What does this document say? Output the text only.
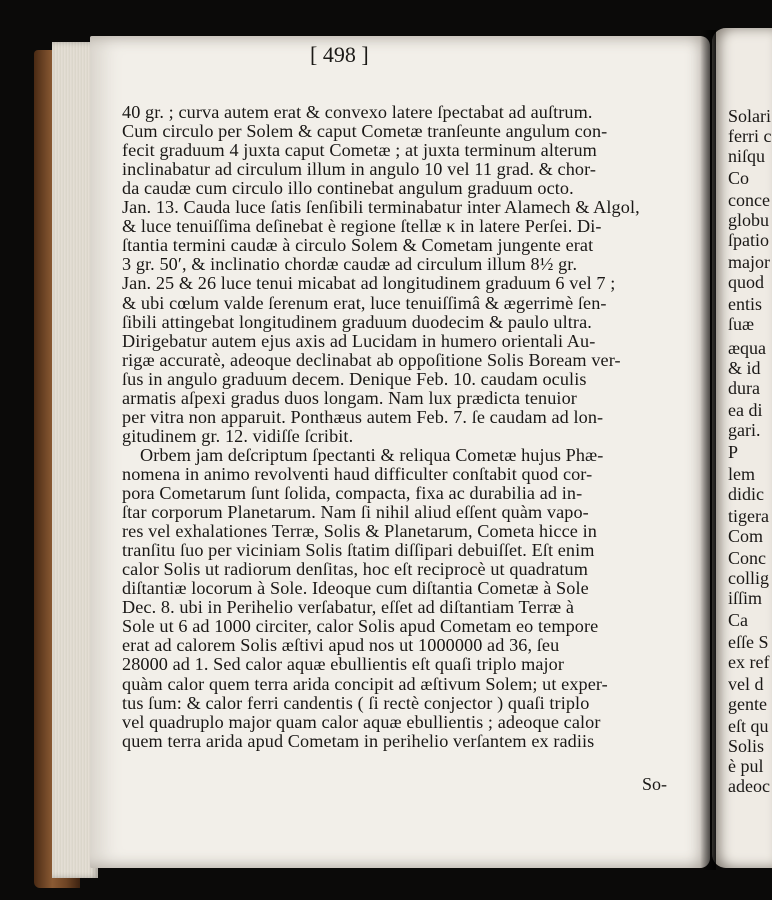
Solari
ferri c
niſqu
Co
conce
globu
ſpatio
major
quod
entis
ſuæ
æqua
& id
dura
ea di
gari.
P
lem
didic
tigera
Com
Conc
collig
iſſim
Ca
eſſe S
ex ref
vel d
gente
eſt qu
Solis
è pul
adeoc
[ 498 ]
40 gr. ; curva autem erat & convexo latere ſpectabat ad auſtrum.
Cum circulo per Solem & caput Cometæ tranſeunte angulum con-
fecit graduum 4 juxta caput Cometæ ; at juxta terminum alterum
inclinabatur ad circulum illum in angulo 10 vel 11 grad. & chor-
da caudæ cum circulo illo continebat angulum graduum octo.
Jan. 13. Cauda luce ſatis ſenſibili terminabatur inter Alamech & Algol,
& luce tenuiſſima deſinebat è regione ſtellæ κ in latere Perſei. Di-
ſtantia termini caudæ à circulo Solem & Cometam jungente erat
3 gr. 50′, & inclinatio chordæ caudæ ad circulum illum 8½ gr.
Jan. 25 & 26 luce tenui micabat ad longitudinem graduum 6 vel 7 ;
& ubi cœlum valde ſerenum erat, luce tenuiſſimâ & ægerrimè ſen-
ſibili attingebat longitudinem graduum duodecim & paulo ultra.
Dirigebatur autem ejus axis ad Lucidam in humero orientali Au-
rigæ accuratè, adeoque declinabat ab oppoſitione Solis Boream ver-
ſus in angulo graduum decem. Denique Feb. 10. caudam oculis
armatis aſpexi gradus duos longam. Nam lux prædicta tenuior
per vitra non apparuit. Ponthæus autem Feb. 7. ſe caudam ad lon-
gitudinem gr. 12. vidiſſe ſcribit.
Orbem jam deſcriptum ſpectanti & reliqua Cometæ hujus Phæ-
nomena in animo revolventi haud difficulter conſtabit quod cor-
pora Cometarum ſunt ſolida, compacta, fixa ac durabilia ad in-
ſtar corporum Planetarum. Nam ſi nihil aliud eſſent quàm vapo-
res vel exhalationes Terræ, Solis & Planetarum, Cometa hicce in
tranſitu ſuo per viciniam Solis ſtatim diſſipari debuiſſet. Eſt enim
calor Solis ut radiorum denſitas, hoc eſt reciprocè ut quadratum
diſtantiæ locorum à Sole. Ideoque cum diſtantia Cometæ à Sole
Dec. 8. ubi in Perihelio verſabatur, eſſet ad diſtantiam Terræ à
Sole ut 6 ad 1000 circiter, calor Solis apud Cometam eo tempore
erat ad calorem Solis æſtivi apud nos ut 1000000 ad 36, ſeu
28000 ad 1. Sed calor aquæ ebullientis eſt quaſi triplo major
quàm calor quem terra arida concipit ad æſtivum Solem; ut exper-
tus ſum: & calor ferri candentis ( ſi rectè conjector ) quaſi triplo
vel quadruplo major quam calor aquæ ebullientis ; adeoque calor
quem terra arida apud Cometam in perihelio verſantem ex radiis
So-
